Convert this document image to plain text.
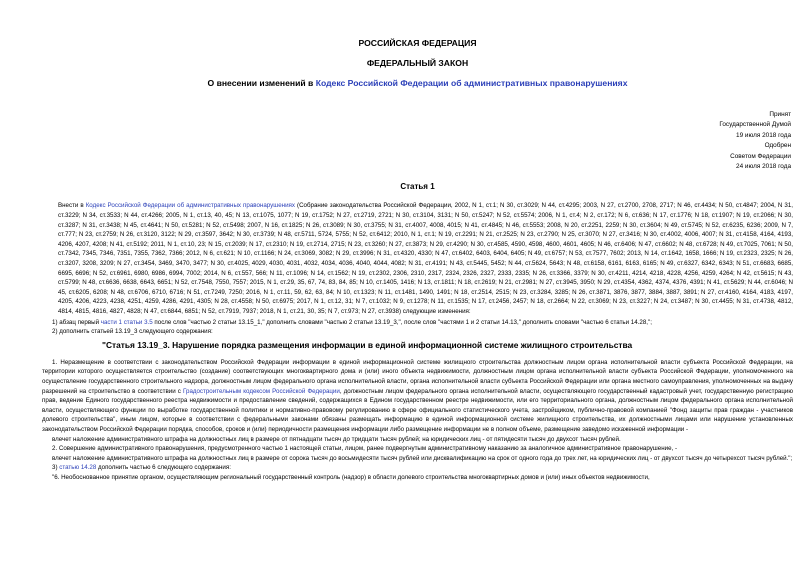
РОССИЙСКАЯ ФЕДЕРАЦИЯ
ФЕДЕРАЛЬНЫЙ ЗАКОН
О внесении изменений в Кодекс Российской Федерации об административных правонарушениях
Принят
Государственной Думой
19 июля 2018 года
Одобрен
Советом Федерации
24 июля 2018 года
Статья 1

Внести в Кодекс Российской Федерации об административных правонарушениях (Собрание законодательства Российской Федерации, 2002, N 1, ст.1; N 30, ст.3029; N 44, ст.4295; 2003, N 27, ст.2700, 2708, 2717; N 46, ст.4434; N 50, ст.4847; 2004, N 31, ст.3229; N 34, ст.3533; N 44, ст.4266; 2005, N 1, ст.13, 40, 45; N 13, ст.1075, 1077; N 19, ст.1752; N 27, ст.2719, 2721; N 30, ст.3104, 3131; N 50, ст.5247; N 52, ст.5574; 2006, N 1, ст.4; N 2, ст.172; N 6, ст.636; N 17, ст.1776; N 18, ст.1907; N 19, ст.2066; N 30, ст.3287; N 31, ст.3438; N 45, ст.4641; N 50, ст.5281; N 52, ст.5498; 2007, N 16, ст.1825; N 26, ст.3089; N 30, ст.3755; N 31, ст.4007, 4008, 4015; N 41, ст.4845; N 46, ст.5553; 2008, N 20, ст.2251, 2259; N 30, ст.3604; N 49, ст.5745; N 52, ст.6235, 6236; 2009, N 7, ст.777; N 23, ст.2759; N 26, ст.3120, 3122; N 29, ст.3597, 3642; N 30, ст.3739; N 48, ст.5711, 5724, 5755; N 52, ст.6412; 2010, N 1, ст.1; N 19, ст.2291; N 21, ст.2525; N 23, ст.2790; N 25, ст.3070; N 27, ст.3416; N 30, ст.4002, 4006, 4007; N 31, ст.4158, 4164, 4193, 4206, 4207, 4208; N 41, ст.5192; 2011, N 1, ст.10, 23; N 15, ст.2039; N 17, ст.2310; N 19, ст.2714, 2715; N 23, ст.3260; N 27, ст.3873; N 29, ст.4290; N 30, ст.4585, 4590, 4598, 4600, 4601, 4605; N 46, ст.6406; N 47, ст.6602; N 48, ст.6728; N 49, ст.7025, 7061; N 50, ст.7342, 7345, 7346, 7351, 7355, 7362, 7366; 2012, N 6, ст.621; N 10, ст.1166; N 24, ст.3069, 3082; N 29, ст.3996; N 31, ст.4320, 4330; N 47, ст.6402, 6403, 6404, 6405; N 49, ст.6757; N 53, ст.7577, 7602; 2013, N 14, ст.1642, 1658, 1666; N 19, ст.2323, 2325; N 26, ст.3207, 3208, 3209; N 27, ст.3454, 3469, 3470, 3477; N 30, ст.4025, 4029, 4030, 4031, 4032, 4034, 4036, 4040, 4044, 4082; N 31, ст.4191; N 43, ст.5445, 5452; N 44, ст.5624, 5643; N 48, ст.6158, 6161, 6163, 6165; N 49, ст.6327, 6342, 6343; N 51, ст.6683, 6685, 6695, 6696; N 52, ст.6961, 6980, 6986, 6994, 7002; 2014, N 6, ст.557, 566; N 11, ст.1096; N 14, ст.1562; N 19, ст.2302, 2306, 2310, 2317, 2324, 2326, 2327, 2333, 2335; N 26, ст.3366, 3379; N 30, ст.4211, 4214, 4218, 4228, 4256, 4259, 4264; N 42, ст.5615; N 43, ст.5799; N 48, ст.6636, 6638, 6643, 6651; N 52, ст.7548, 7550, 7557; 2015, N 1, ст.29, 35, 67, 74, 83, 84, 85; N 10, ст.1405, 1416; N 13, ст.1811; N 18, ст.2619; N 21, ст.2981; N 27, ст.3945, 3950; N 29, ст.4354, 4362, 4374, 4376, 4391; N 41, ст.5629; N 44, ст.6046; N 45, ст.6205, 6208; N 48, ст.6706, 6710, 6716; N 51, ст.7249, 7250; 2016, N 1, ст.11, 59, 62, 63, 84; N 10, ст.1323; N 11, ст.1481, 1490, 1491; N 18, ст.2514, 2515; N 23, ст.3284, 3285; N 26, ст.3871, 3876, 3877, 3884, 3887, 3891; N 27, ст.4160, 4164, 4183, 4197, 4205, 4206, 4223, 4238, 4251, 4259, 4286, 4291, 4305; N 28, ст.4558; N 50, ст.6975; 2017, N 1, ст.12, 31; N 7, ст.1032; N 9, ст.1278; N 11, ст.1535; N 17, ст.2456, 2457; N 18, ст.2664; N 22, ст.3069; N 23, ст.3227; N 24, ст.3487; N 30, ст.4455; N 31, ст.4738, 4812, 4814, 4815, 4816, 4827, 4828; N 47, ст.6844, 6851; N 52, ст.7919, 7937; 2018, N 1, ст.21, 30, 35; N 7, ст.973; N 27, ст.3938) следующие изменения:

1) абзац первый части 1 статьи 3.5 после слов "частью 2 статьи 13.15_1," дополнить словами "частью 2 статьи 13.19_3,", после слов "частями 1 и 2 статьи 14.13," дополнить словами "частью 6 статьи 14.28,";

2) дополнить статьей 13.19_3 следующего содержания:

"Статья 13.19_3. Нарушение порядка размещения информации в единой информационной системе жилищного строительства

1. Неразмещение в соответствии с законодательством Российской Федерации информации в единой информационной системе жилищного строительства должностным лицом органа исполнительной власти субъекта Российской Федерации, на территории которого осуществляется строительство (создание) соответствующих многоквартирного дома и (или) иного объекта недвижимости, должностным лицом органа исполнительной власти субъекта Российской Федерации, уполномоченного на осуществление государственного строительного надзора, должностным лицом федерального органа исполнительной власти, органа исполнительной власти субъекта Российской Федерации или органа местного самоуправления, уполномоченных на выдачу разрешений на строительство в соответствии с Градостроительным кодексом Российской Федерации, должностным лицом федерального органа исполнительной власти, осуществляющего государственный кадастровый учет, государственную регистрацию прав, ведение Единого государственного реестра недвижимости и предоставление сведений, содержащихся в Едином государственном реестре недвижимости, или его территориального органа, должностным лицом федерального органа исполнительной власти, осуществляющего функции по выработке государственной политики и нормативно-правовому регулированию в сфере официального статистического учета, застройщиком, публично-правовой компанией "Фонд защиты прав граждан - участников долевого строительства", иным лицом, которые в соответствии с федеральными законами обязаны размещать информацию в единой информационной системе жилищного строительства, их должностными лицами или нарушение установленных законодательством Российской Федерации порядка, способов, сроков и (или) периодичности размещения информации либо размещение информации не в полном объеме, размещение заведомо искаженной информации -

влечет наложение административного штрафа на должностных лиц в размере от пятнадцати тысяч до тридцати тысяч рублей; на юридических лиц - от пятидесяти тысяч до двухсот тысяч рублей.

2. Совершение административного правонарушения, предусмотренного частью 1 настоящей статьи, лицом, ранее подвергнутым административному наказанию за аналогичное административное правонарушение, -

влечет наложение административного штрафа на должностных лиц в размере от сорока тысяч до восьмидесяти тысяч рублей или дисквалификацию на срок от одного года до трех лет, на юридических лиц - от двухсот тысяч до четырехсот тысяч рублей.";

3) статью 14.28 дополнить частью 6 следующего содержания:

"6. Необоснованное принятие органом, осуществляющим региональный государственный контроль (надзор) в области долевого строительства многоквартирных домов и (или) иных объектов недвижимости,
